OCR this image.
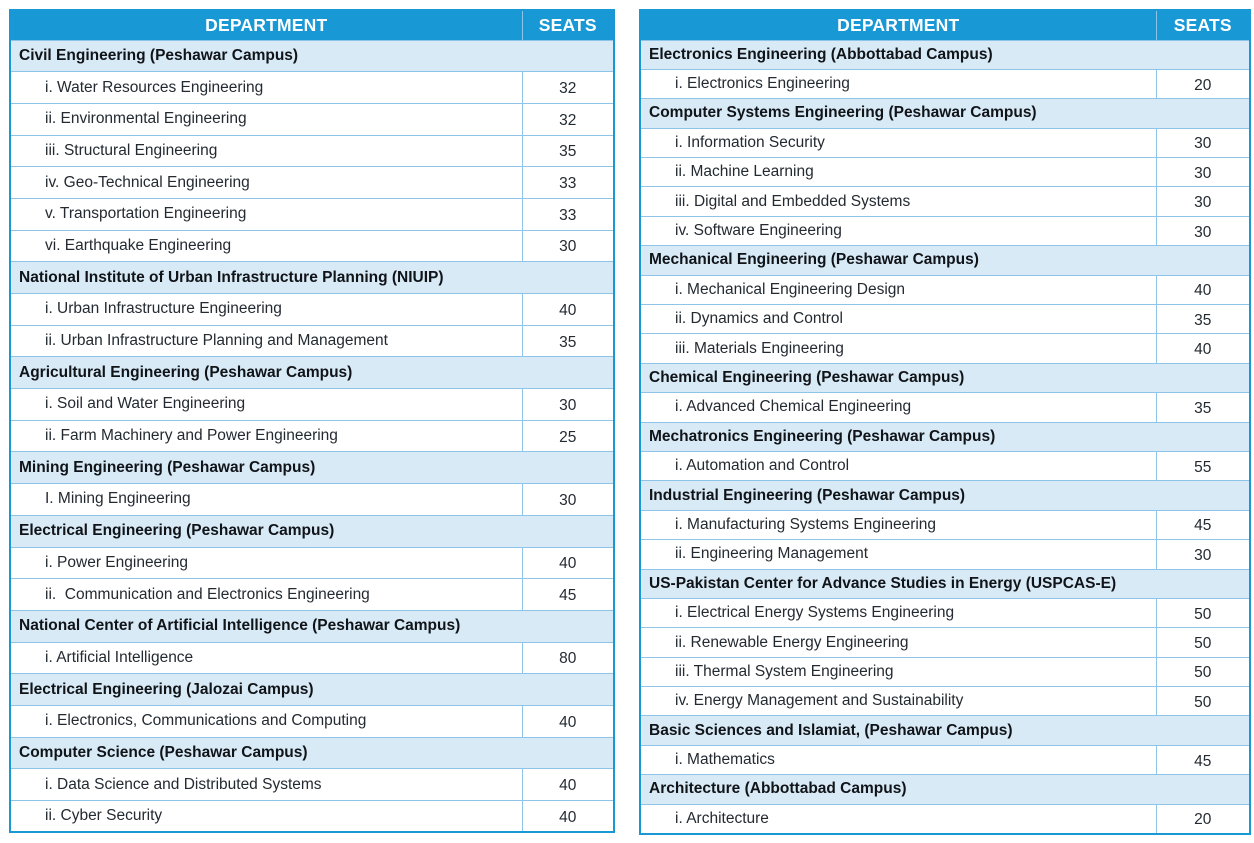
DEPARTMENT	SEATS
Civil Engineering (Peshawar Campus)	
i. Water Resources Engineering	32
ii. Environmental Engineering	32
iii. Structural Engineering	35
iv. Geo-Technical Engineering	33
v. Transportation Engineering	33
vi. Earthquake Engineering	30
National Institute of Urban Infrastructure Planning (NIUIP)	
i. Urban Infrastructure Engineering	40
ii. Urban Infrastructure Planning and Management	35
Agricultural Engineering (Peshawar Campus)	
i. Soil and Water Engineering	30
ii. Farm Machinery and Power Engineering	25
Mining Engineering (Peshawar Campus)	
I. Mining Engineering	30
Electrical Engineering (Peshawar Campus)	
i. Power Engineering	40
ii.  Communication and Electronics Engineering	45
National Center of Artificial Intelligence (Peshawar Campus)	
i. Artificial Intelligence	80
Electrical Engineering (Jalozai Campus)	
i. Electronics, Communications and Computing	40
Computer Science (Peshawar Campus)	
i. Data Science and Distributed Systems	40
ii. Cyber Security	40
DEPARTMENT	SEATS
Electronics Engineering (Abbottabad Campus)	
i. Electronics Engineering	20
Computer Systems Engineering (Peshawar Campus)	
i. Information Security	30
ii. Machine Learning	30
iii. Digital and Embedded Systems	30
iv. Software Engineering	30
Mechanical Engineering (Peshawar Campus)	
i. Mechanical Engineering Design	40
ii. Dynamics and Control	35
iii. Materials Engineering	40
Chemical Engineering (Peshawar Campus)	
i. Advanced Chemical Engineering	35
Mechatronics Engineering (Peshawar Campus)	
i. Automation and Control	55
Industrial Engineering (Peshawar Campus)	
i. Manufacturing Systems Engineering	45
ii. Engineering Management	30
US-Pakistan Center for Advance Studies in Energy (USPCAS-E)	
i. Electrical Energy Systems Engineering	50
ii. Renewable Energy Engineering	50
iii. Thermal System Engineering	50
iv. Energy Management and Sustainability	50
Basic Sciences and Islamiat, (Peshawar Campus)	
i. Mathematics	45
Architecture (Abbottabad Campus)	
i. Architecture	20
